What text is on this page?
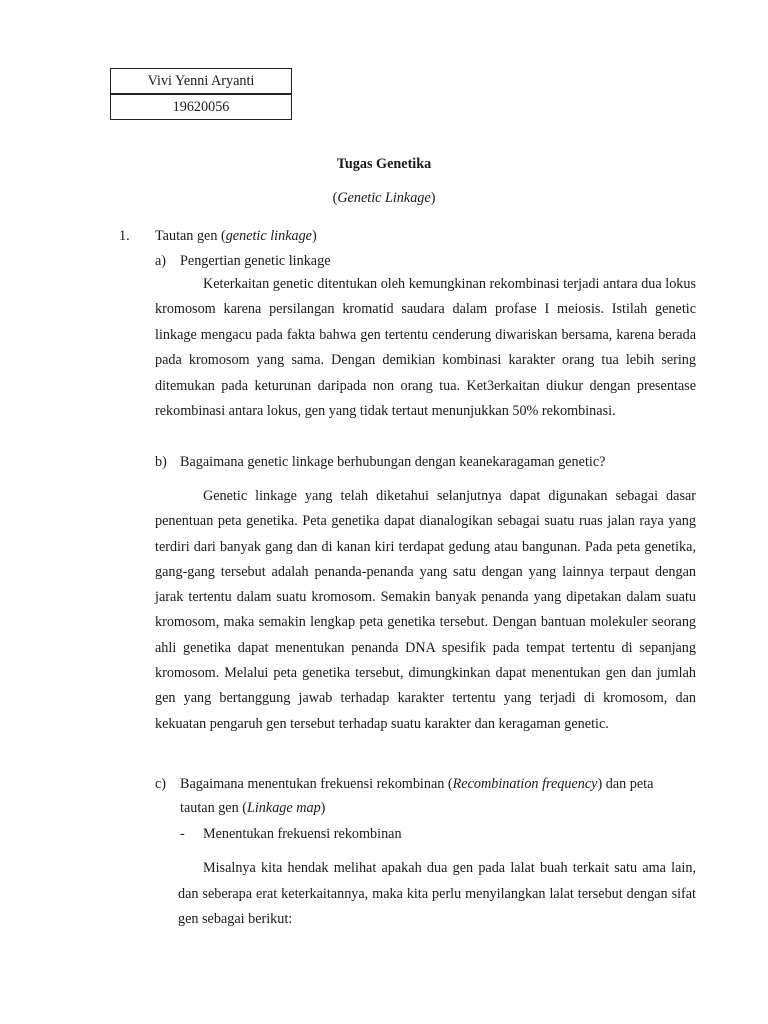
Vivi Yenni Aryanti
19620056
Tugas Genetika
(Genetic Linkage)
1. Tautan gen (genetic linkage)
a) Pengertian genetic linkage
Keterkaitan genetic ditentukan oleh kemungkinan rekombinasi terjadi antara dua lokus kromosom karena persilangan kromatid saudara dalam profase I meiosis. Istilah genetic linkage mengacu pada fakta bahwa gen tertentu cenderung diwariskan bersama, karena berada pada kromosom yang sama. Dengan demikian kombinasi karakter orang tua lebih sering ditemukan pada keturunan daripada non orang tua. Ket3erkaitan diukur dengan presentase rekombinasi antara lokus, gen yang tidak tertaut menunjukkan 50% rekombinasi.
b) Bagaimana genetic linkage berhubungan dengan keanekaragaman genetic?
Genetic linkage yang telah diketahui selanjutnya dapat digunakan sebagai dasar penentuan peta genetika. Peta genetika dapat dianalogikan sebagai suatu ruas jalan raya yang terdiri dari banyak gang dan di kanan kiri terdapat gedung atau bangunan. Pada peta genetika, gang-gang tersebut adalah penanda-penanda yang satu dengan yang lainnya terpaut dengan jarak tertentu dalam suatu kromosom. Semakin banyak penanda yang dipetakan dalam suatu kromosom, maka semakin lengkap peta genetika tersebut. Dengan bantuan molekuler seorang ahli genetika dapat menentukan penanda DNA spesifik pada tempat tertentu di sepanjang kromosom. Melalui peta genetika tersebut, dimungkinkan dapat menentukan gen dan jumlah gen yang bertanggung jawab terhadap karakter tertentu yang terjadi di kromosom, dan kekuatan pengaruh gen tersebut terhadap suatu karakter dan keragaman genetic.
c) Bagaimana menentukan frekuensi rekombinan (Recombination frequency) dan peta
tautan gen (Linkage map)
- Menentukan frekuensi rekombinan
Misalnya kita hendak melihat apakah dua gen pada lalat buah terkait satu ama lain, dan seberapa erat keterkaitannya, maka kita perlu menyilangkan lalat tersebut dengan sifat gen sebagai berikut:
